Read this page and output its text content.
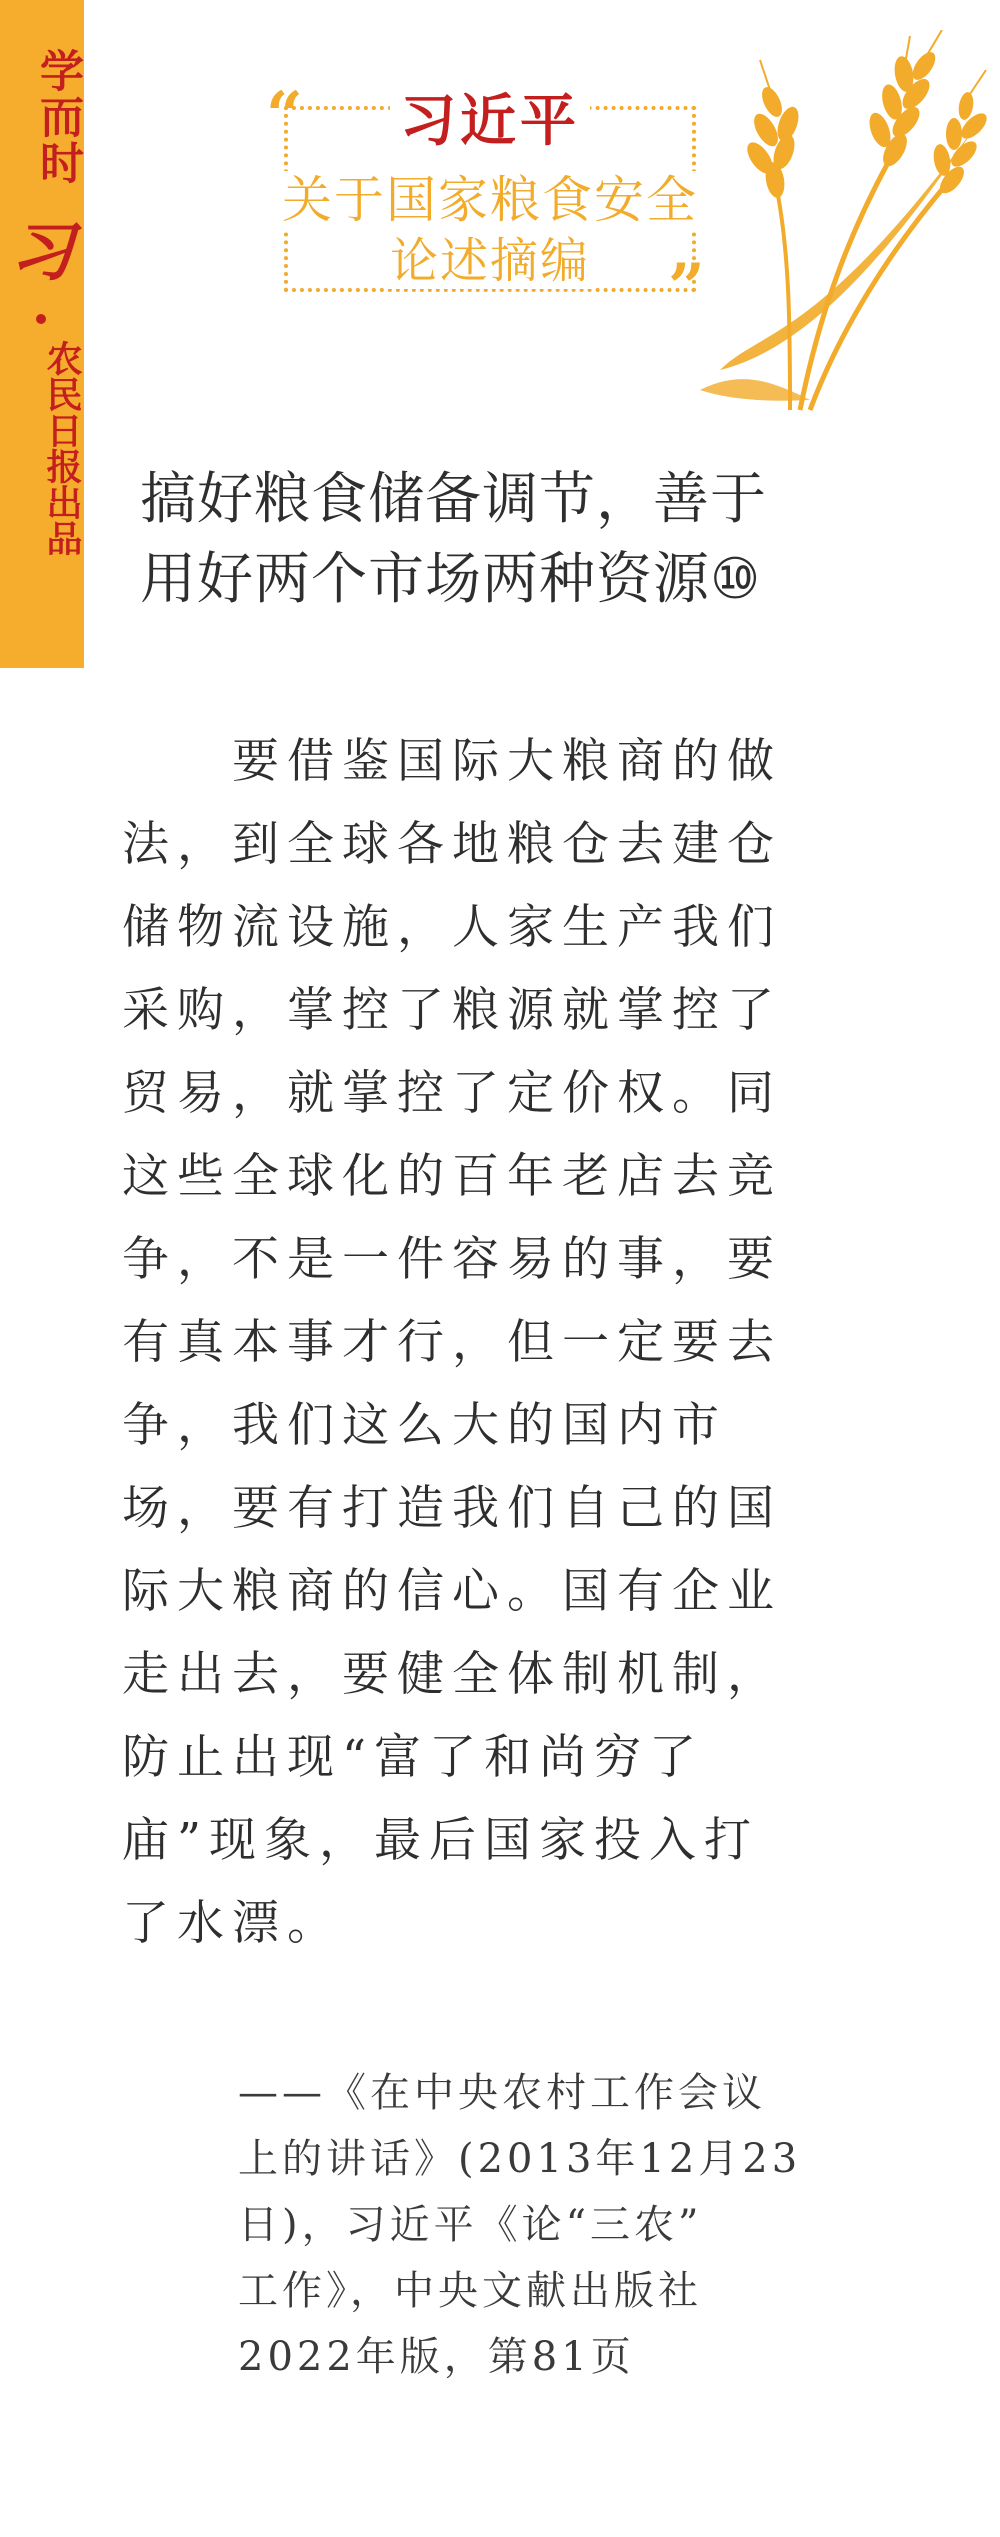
学而时
习
农民日报出品
“
”
习近平
关于国家粮食安全
论述摘编
搞好粮食储备调节，善于
用好两个市场两种资源⑩
　　要借鉴国际大粮商的做
法，到全球各地粮仓去建仓
储物流设施，人家生产我们
采购，掌控了粮源就掌控了
贸易，就掌控了定价权。同
这些全球化的百年老店去竞
争，不是一件容易的事，要
有真本事才行，但一定要去
争，我们这么大的国内市
场，要有打造我们自己的国
际大粮商的信心。国有企业
走出去，要健全体制机制，
防止出现“富了和尚穷了
庙”现象，最后国家投入打
了水漂。
——《在中央农村工作会议
上的讲话》(2013年12月23
日)，习近平《论“三农”
工作》，中央文献出版社
2022年版，第81页
